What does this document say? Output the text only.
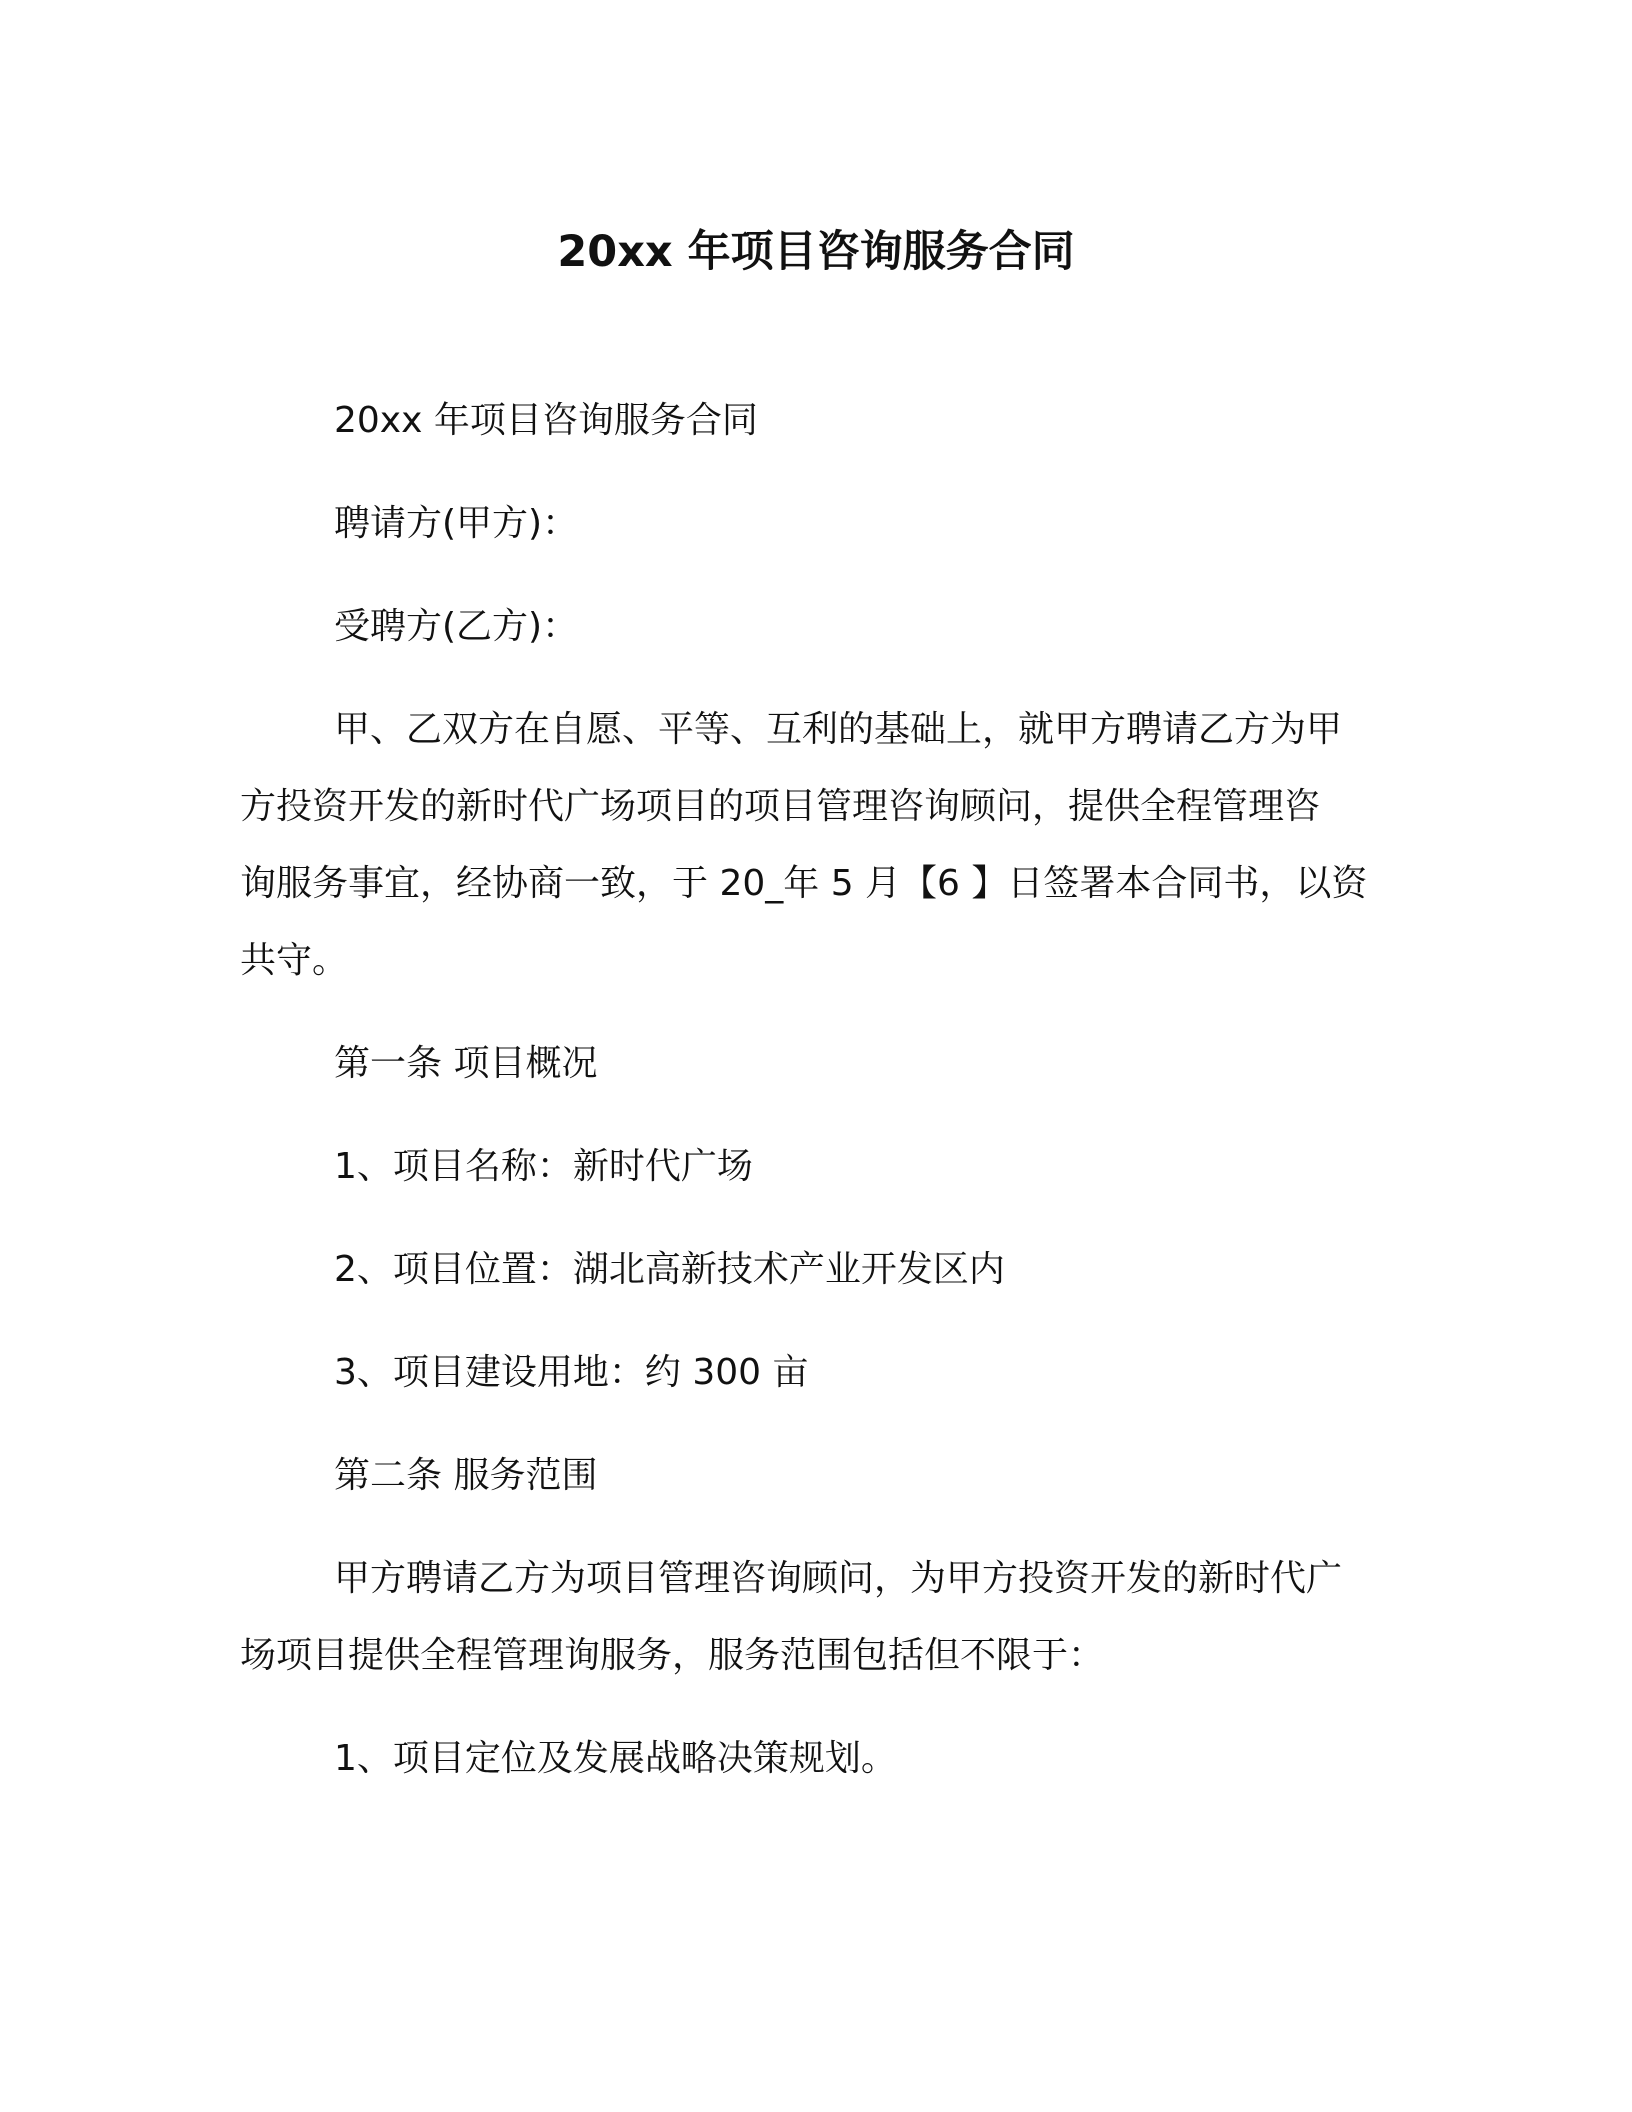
20xx 年项目咨询服务合同
20xx 年项目咨询服务合同
聘请方(甲方)：
受聘方(乙方)：
甲、乙双方在自愿、平等、互利的基础上，就甲方聘请乙方为甲
方投资开发的新时代广场项目的项目管理咨询顾问，提供全程管理咨
询服务事宜，经协商一致，于 20_年 5 月【6 】日签署本合同书，以资
共守。
第一条 项目概况
1、项目名称：新时代广场
2、项目位置：湖北高新技术产业开发区内
3、项目建设用地：约 300 亩
第二条 服务范围
甲方聘请乙方为项目管理咨询顾问，为甲方投资开发的新时代广
场项目提供全程管理询服务，服务范围包括但不限于：
1、项目定位及发展战略决策规划。
